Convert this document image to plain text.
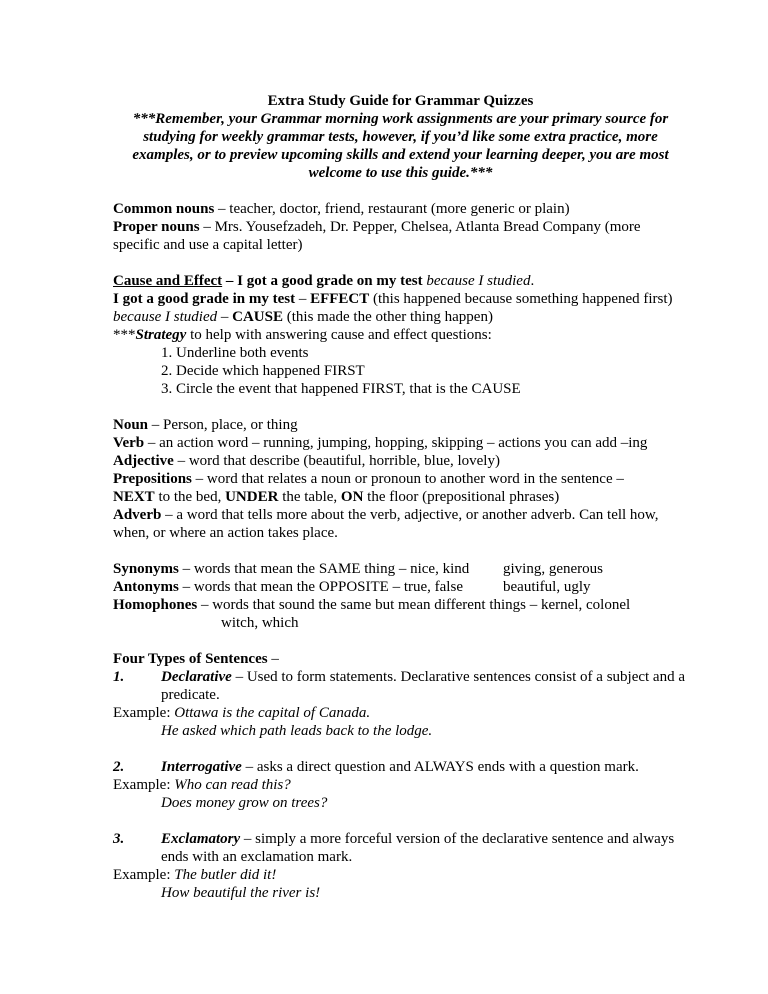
Extra Study Guide for Grammar Quizzes

***Remember, your Grammar morning work assignments are your primary source for studying for weekly grammar tests, however, if you’d like some extra practice, more examples, or to preview upcoming skills and extend your learning deeper, you are most welcome to use this guide.***

Common nouns – teacher, doctor, friend, restaurant (more generic or plain)

Proper nouns – Mrs. Yousefzadeh, Dr. Pepper, Chelsea, Atlanta Bread Company (more specific and use a capital letter)

Cause and Effect – I got a good grade on my test because I studied.

I got a good grade in my test – EFFECT (this happened because something happened first)

because I studied – CAUSE (this made the other thing happen)

***Strategy to help with answering cause and effect questions:

1. Underline both events

2. Decide which happened FIRST

3. Circle the event that happened FIRST, that is the CAUSE

Noun – Person, place, or thing

Verb – an action word – running, jumping, hopping, skipping – actions you can add –ing

Adjective – word that describe (beautiful, horrible, blue, lovely)

Prepositions – word that relates a noun or pronoun to another word in the sentence –

NEXT to the bed, UNDER the table, ON the floor (prepositional phrases)

Adverb – a word that tells more about the verb, adjective, or another adverb. Can tell how, when, or where an action takes place.

Synonyms – words that mean the SAME thing – nice, kind giving, generous

Antonyms – words that mean the OPPOSITE – true, false	beautiful, ugly

Homophones – words that sound the same but mean different things – kernel, colonel

witch, which

Four Types of Sentences –

1. Declarative – Used to form statements. Declarative sentences consist of a subject and a predicate.

Example: Ottawa is the capital of Canada.

He asked which path leads back to the lodge.

2. Interrogative – asks a direct question and ALWAYS ends with a question mark.

Example: Who can read this?

Does money grow on trees?

3. Exclamatory – simply a more forceful version of the declarative sentence and always ends with an exclamation mark.

Example: The butler did it!

How beautiful the river is!
